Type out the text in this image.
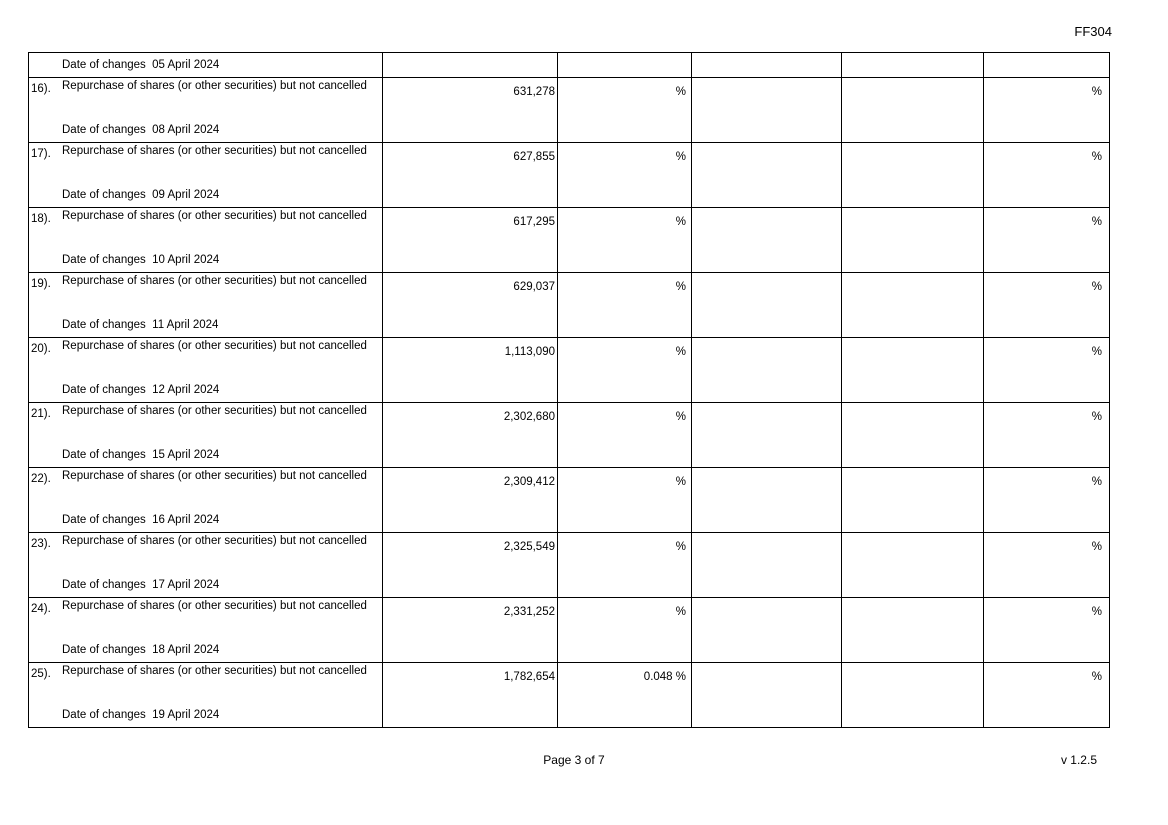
FF304
Date of changes 05 April 2024					

16). Repurchase of shares (or other securities) but not cancelled	631,278	%			%

Date of changes 08 April 2024					

17). Repurchase of shares (or other securities) but not cancelled	627,855	%			%

Date of changes 09 April 2024					

18). Repurchase of shares (or other securities) but not cancelled	617,295	%			%

Date of changes 10 April 2024					

19). Repurchase of shares (or other securities) but not cancelled	629,037	%			%

Date of changes 11 April 2024					

20). Repurchase of shares (or other securities) but not cancelled	1,113,090	%			%

Date of changes 12 April 2024					

21). Repurchase of shares (or other securities) but not cancelled	2,302,680	%			%

Date of changes 15 April 2024					

22). Repurchase of shares (or other securities) but not cancelled	2,309,412	%			%

Date of changes 16 April 2024					

23). Repurchase of shares (or other securities) but not cancelled	2,325,549	%			%

Date of changes 17 April 2024					

24). Repurchase of shares (or other securities) but not cancelled	2,331,252	%			%

Date of changes 18 April 2024					

25). Repurchase of shares (or other securities) but not cancelled	1,782,654	0.048 %			%

Date of changes 19 April 2024					
Page 3 of 7	v 1.2.5
